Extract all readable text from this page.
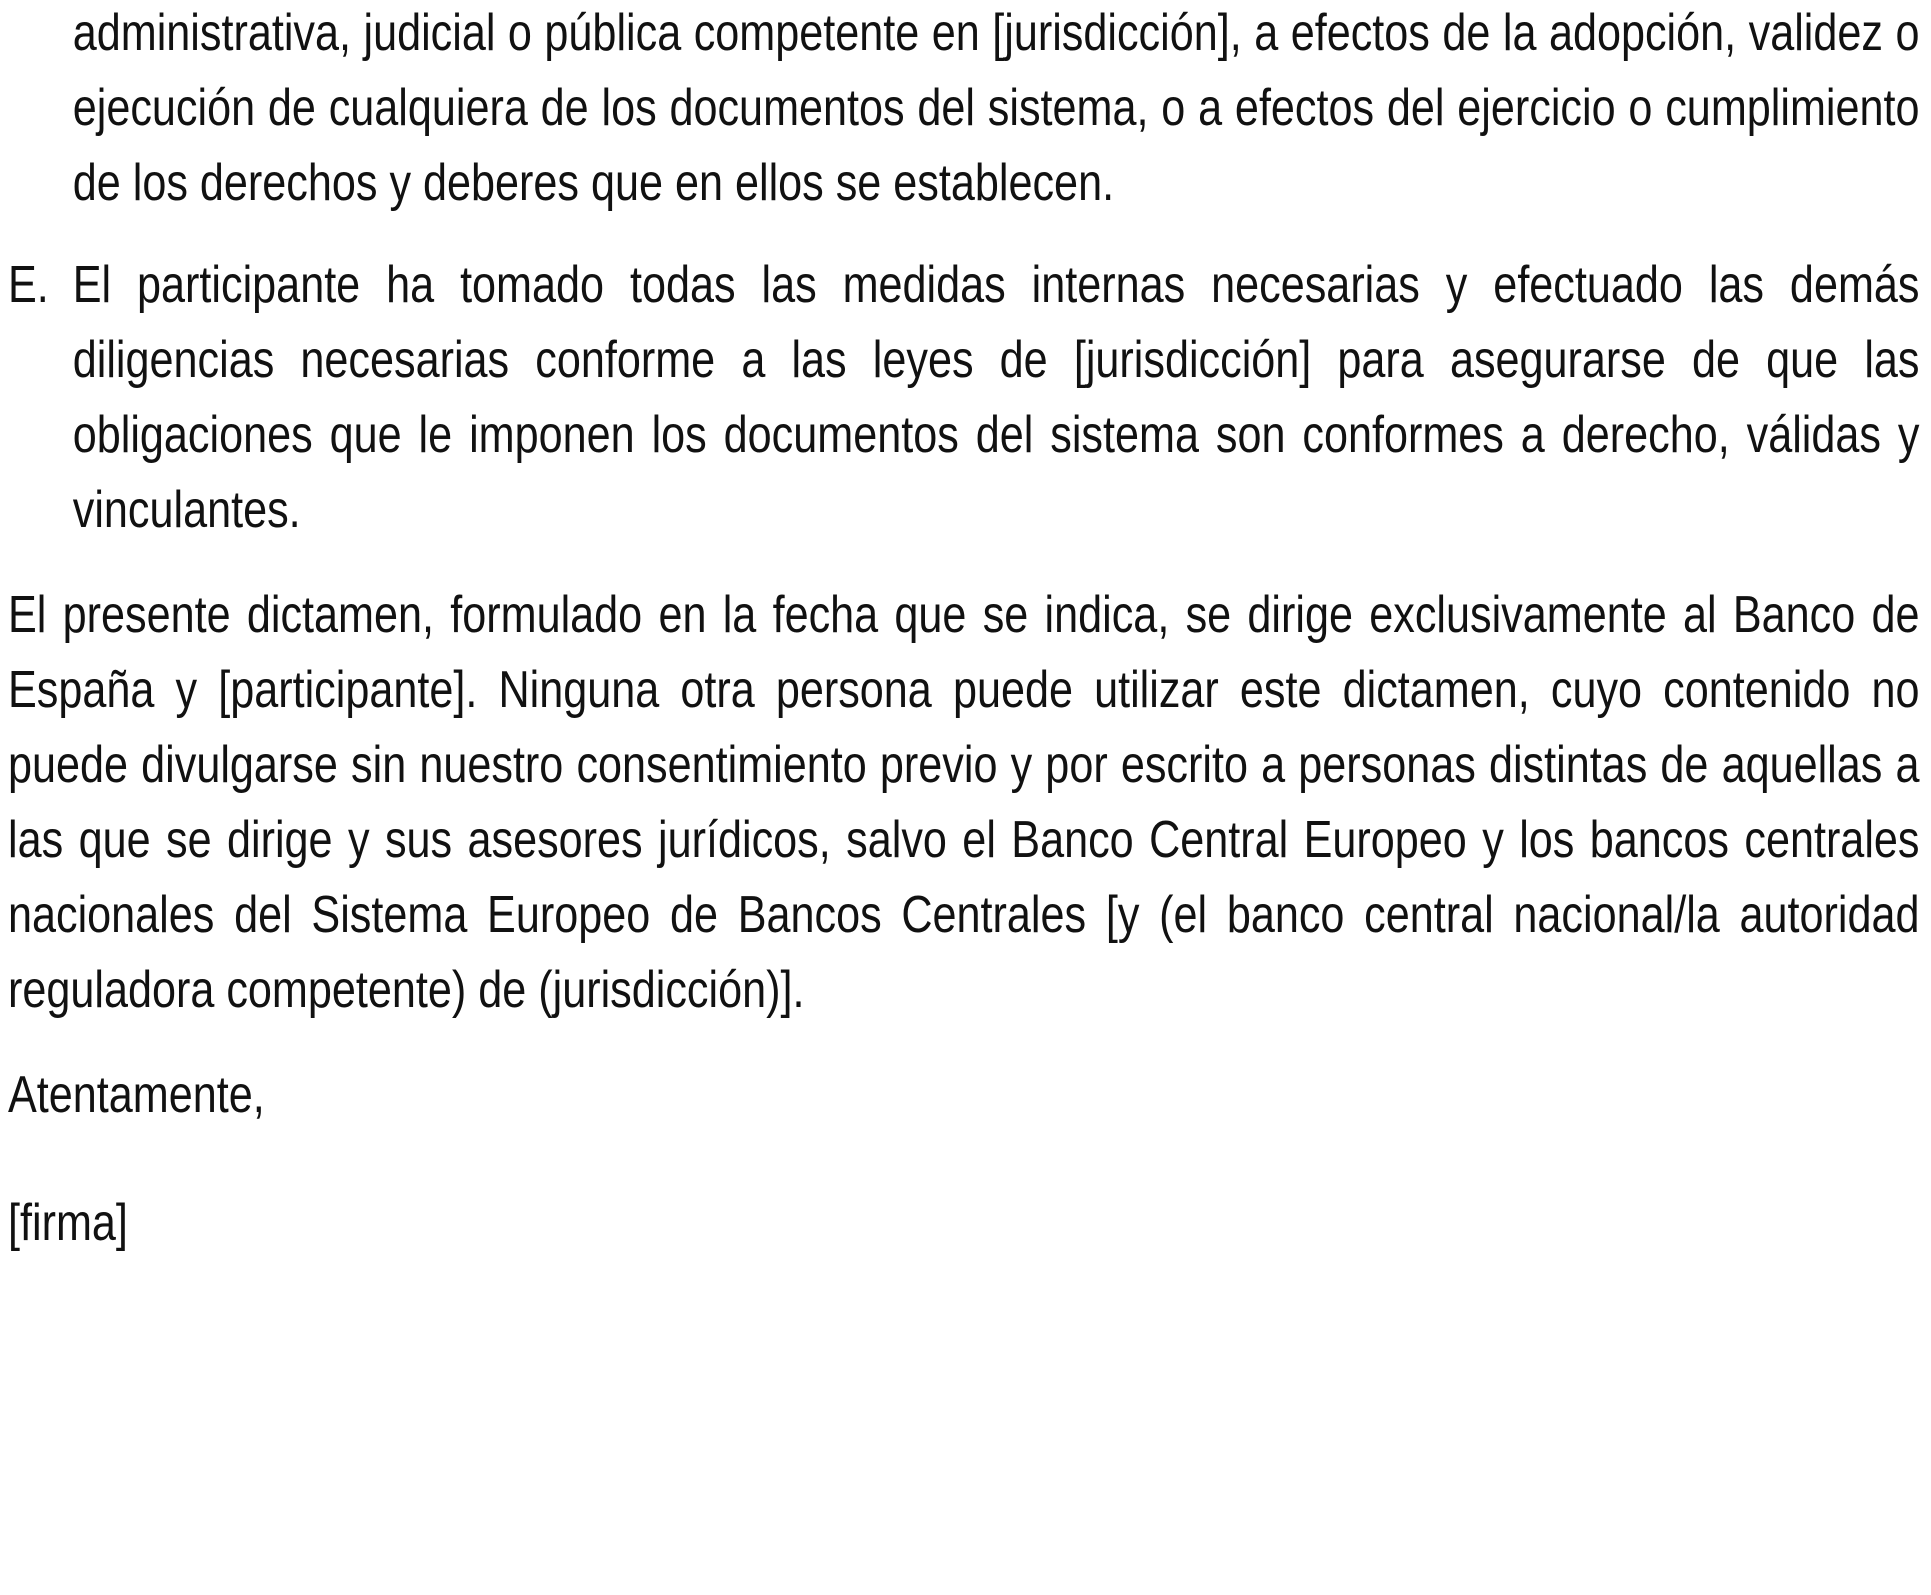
administrativa, judicial o pública competente en [jurisdicción], a efectos de la adopción, validez o ejecución de cualquiera de los documentos del sistema, o a efectos del ejercicio o cumplimiento de los derechos y deberes que en ellos se establecen.

E. El participante ha tomado todas las medidas internas necesarias y efectuado las demás diligencias necesarias conforme a las leyes de [jurisdicción] para asegurarse de que las obligaciones que le imponen los documentos del sistema son conformes a derecho, válidas y vinculantes.

El presente dictamen, formulado en la fecha que se indica, se dirige exclusivamente al Banco de España y [participante]. Ninguna otra persona puede utilizar este dictamen, cuyo contenido no puede divulgarse sin nuestro consentimiento previo y por escrito a personas distintas de aquellas a las que se dirige y sus asesores jurídicos, salvo el Banco Central Europeo y los bancos centrales nacionales del Sistema Europeo de Bancos Centrales [y (el banco central nacional/la autoridad reguladora competente) de (jurisdicción)].

Atentamente,

[firma]
